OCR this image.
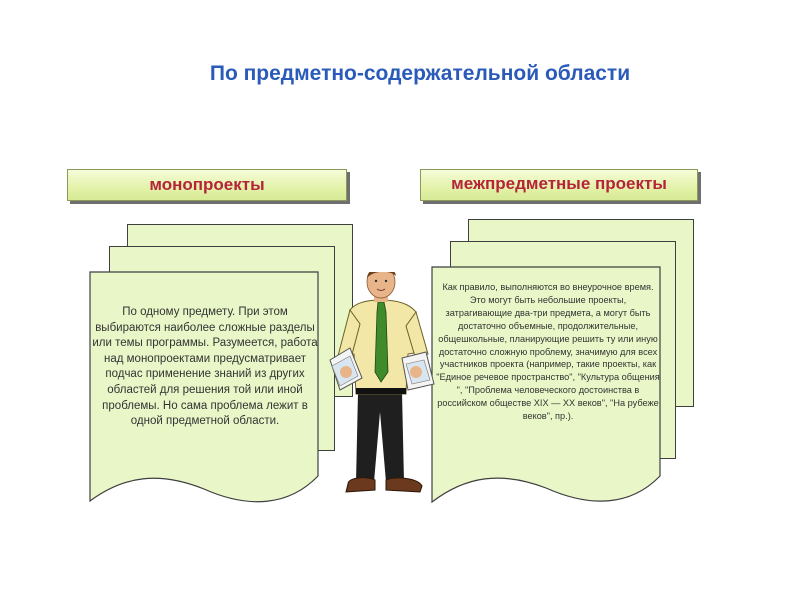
По предметно-содержательной области
По одному предмету. При этом выбираются наиболее сложные разделы или темы программы. Разумеется, работа над монопроектами предусматривает подчас применение знаний из других областей для решения той или иной проблемы. Но сама проблема лежит в одной предметной области.
Как правило, выполняются во внеурочное время. Это могут быть небольшие проекты, затрагивающие два-три предмета, а могут быть достаточно объемные, продолжительные, общешкольные, планирующие решить ту или иную достаточно сложную проблему, значимую для всех участников проекта (например, такие проекты, как "Единое речевое пространство", "Культура общения ", "Проблема человеческого достоинства в российском обществе XIX — XX веков", "На рубеже веков", пр.).
монопроекты	межпредметные проекты
